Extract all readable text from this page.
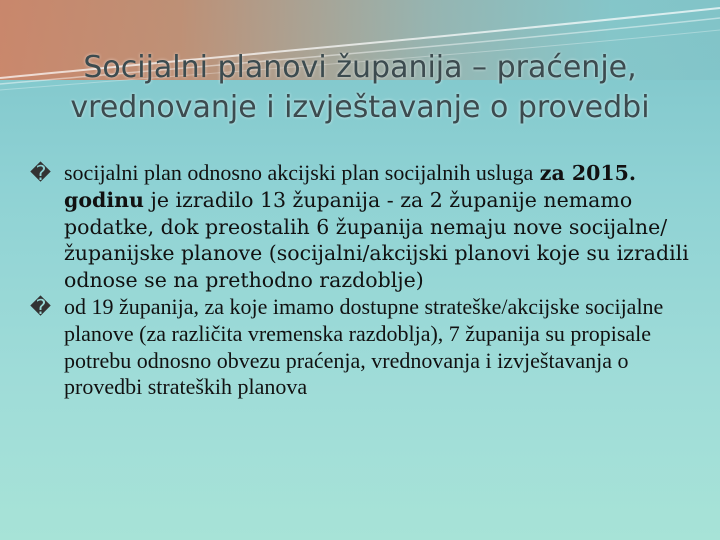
Socijalni planovi županija – praćenje,
vrednovanje i izvještavanje o provedbi

� socijalni plan odnosno akcijski plan socijalnih usluga za 2015. godinu je izradilo 13 županija - za 2 županije nemamo podatke, dok preostalih 6 županija nemaju nove socijalne/županijske planove (socijalni/akcijski planovi koje su izradili odnose se na prethodno razdoblje)

� od 19 županija, za koje imamo dostupne strateške/akcijske socijalne planove (za različita vremenska razdoblja), 7 županija su propisale potrebu odnosno obvezu praćenja, vrednovanja i izvještavanja o provedbi strateških planova
